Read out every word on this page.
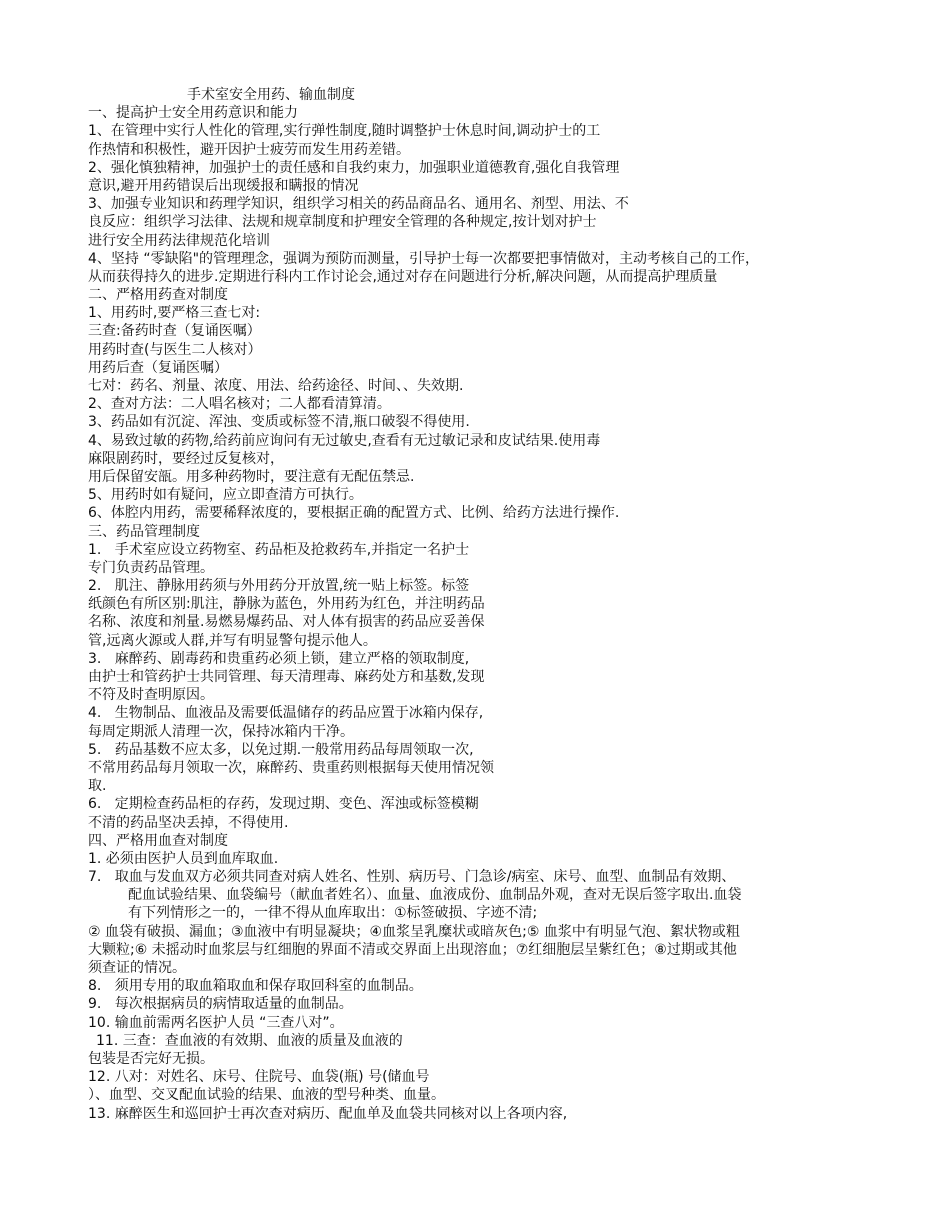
手术室安全用药、输血制度
一、提高护士安全用药意识和能力
1、在管理中实行人性化的管理,实行弹性制度,随时调整护士休息时间,调动护士的工
作热情和积极性，避开因护士疲劳而发生用药差错。
2、强化慎独精神，加强护士的责任感和自我约束力，加强职业道德教育,强化自我管理
意识,避开用药错误后出现缓报和瞒报的情况
3、加强专业知识和药理学知识，组织学习相关的药品商品名、通用名、剂型、用法、不
良反应：组织学习法律、法规和规章制度和护理安全管理的各种规定,按计划对护士
进行安全用药法律规范化培训
4、坚持 “零缺陷"的管理理念，强调为预防而测量，引导护士每一次都要把事情做对，主动考核自己的工作，
从而获得持久的进步.定期进行科内工作讨论会,通过对存在问题进行分析,解决问题，从而提高护理质量
二、严格用药查对制度
1、用药时,要严格三查七对:
三查:备药时查（复诵医嘱）
用药时查(与医生二人核对）
用药后查（复诵医嘱）
七对：药名、剂量、浓度、用法、给药途径、时间、、失效期.
2、查对方法：二人唱名核对；二人都看清算清。
3、药品如有沉淀、浑浊、变质或标签不清,瓶口破裂不得使用.
4、易致过敏的药物,给药前应询问有无过敏史,查看有无过敏记录和皮试结果.使用毒
麻限剧药时，要经过反复核对，
用后保留安瓿。用多种药物时，要注意有无配伍禁忌.
5、用药时如有疑问，应立即查清方可执行。
6、体腔内用药，需要稀释浓度的，要根据正确的配置方式、比例、给药方法进行操作.
三、药品管理制度
1.   手术室应设立药物室、药品柜及抢救药车,并指定一名护士
专门负责药品管理。
2.   肌注、静脉用药须与外用药分开放置,统一贴上标签。标签
纸颜色有所区别:肌注，静脉为蓝色，外用药为红色，并注明药品
名称、浓度和剂量.易燃易爆药品、对人体有损害的药品应妥善保
管,远离火源或人群,并写有明显警句提示他人。
3.   麻醉药、剧毒药和贵重药必须上锁，建立严格的领取制度,
由护士和管药护士共同管理、每天清理毒、麻药处方和基数,发现
不符及时查明原因。
4.   生物制品、血液品及需要低温储存的药品应置于冰箱内保存,
每周定期派人清理一次，保持冰箱内干净。
5.   药品基数不应太多，以免过期.一般常用药品每周领取一次,
不常用药品每月领取一次，麻醉药、贵重药则根据每天使用情况领
取.
6.   定期检查药品柜的存药，发现过期、变色、浑浊或标签模糊
不清的药品坚决丢掉，不得使用.
四、严格用血查对制度
1. 必须由医护人员到血库取血.
7.   取血与发血双方必须共同查对病人姓名、性别、病历号、门急诊/病室、床号、血型、血制品有效期、
配血试验结果、血袋编号（献血者姓名）、血量、血液成份、血制品外观，查对无误后签字取出.血袋
有下列情形之一的，一律不得从血库取出：①标签破损、字迹不清;
② 血袋有破损、漏血；③血液中有明显凝块；④血浆呈乳糜状或暗灰色;⑤ 血浆中有明显气泡、絮状物或粗
大颗粒;⑥ 未摇动时血浆层与红细胞的界面不清或交界面上出现溶血；⑦红细胞层呈紫红色；⑧过期或其他
须查证的情况。
8.   须用专用的取血箱取血和保存取回科室的血制品。
9.   每次根据病员的病情取适量的血制品。
10. 输血前需两名医护人员 “三查八对”。
11. 三查：查血液的有效期、血液的质量及血液的
包装是否完好无损。
12. 八对：对姓名、床号、住院号、血袋(瓶) 号(储血号
）、血型、交叉配血试验的结果、血液的型号种类、血量。
13. 麻醉医生和巡回护士再次查对病历、配血单及血袋共同核对以上各项内容,
